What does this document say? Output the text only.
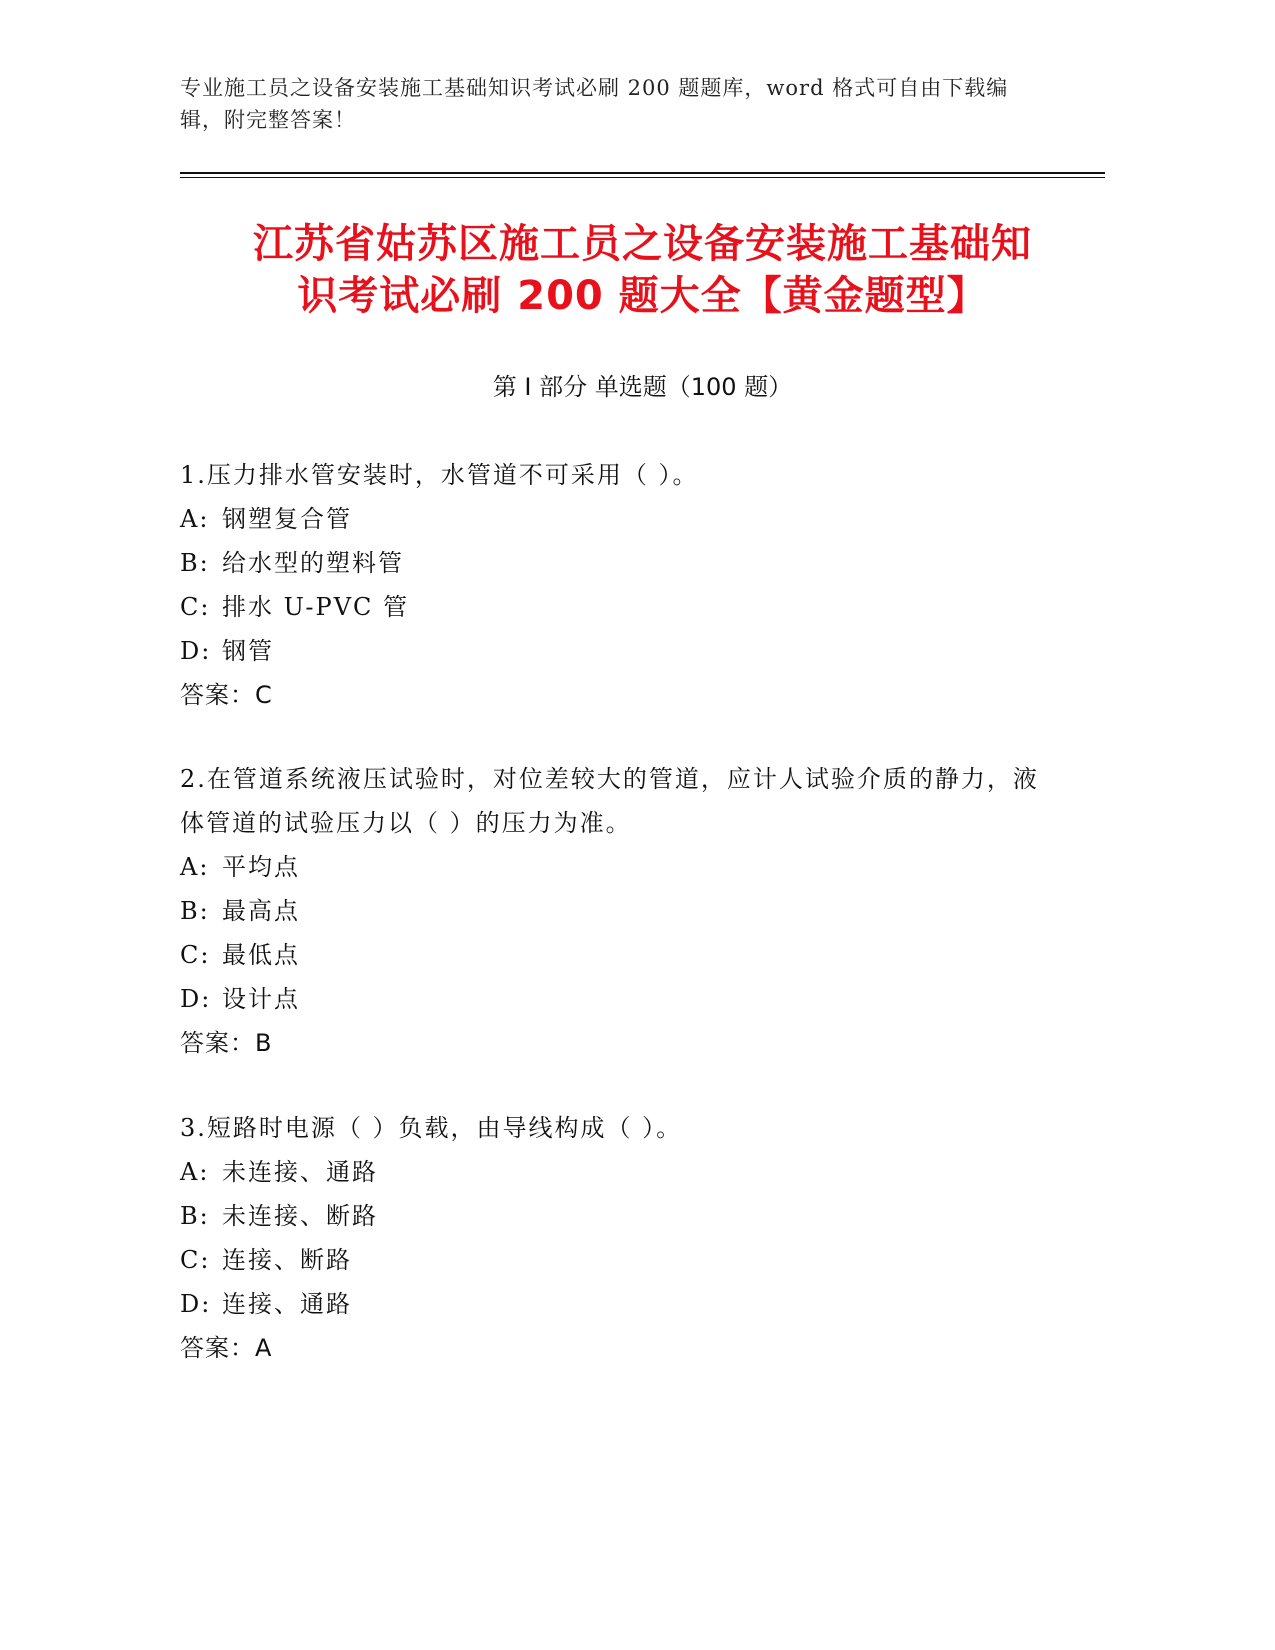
专业施工员之设备安装施工基础知识考试必刷 200 题题库，word 格式可自由下载编辑，附完整答案！
江苏省姑苏区施工员之设备安装施工基础知
识考试必刷 200 题大全【黄金题型】
第 I 部分 单选题（100 题）

1.压力排水管安装时，水管道不可采用（ ）。

A: 钢塑复合管

B: 给水型的塑料管

C: 排水 U-PVC 管

D: 钢管

答案：C

2.在管道系统液压试验时，对位差较大的管道，应计人试验介质的静力，液体管道的试验压力以（ ）的压力为准。

A: 平均点

B: 最高点

C: 最低点

D: 设计点

答案：B

3.短路时电源（ ）负载，由导线构成（ ）。

A: 未连接、通路

B: 未连接、断路

C: 连接、断路

D: 连接、通路

答案：A
